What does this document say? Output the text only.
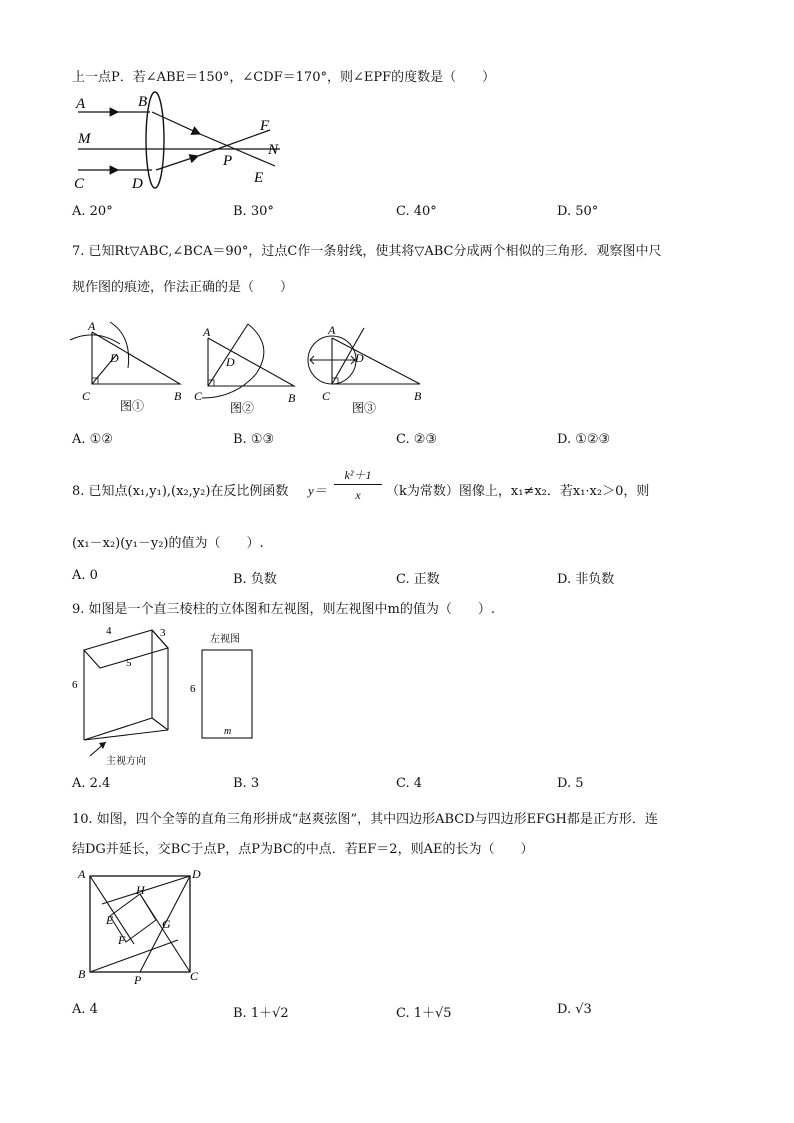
上一点P．若∠ABE＝150°，∠CDF＝170°，则∠EPF的度数是（　　）
A	B
M
C	D
F
N
P
E
A. 20°	B. 30°	C. 40°	D. 50°
7. 已知Rt▽ABC,∠BCA＝90°，过点C作一条射线，使其将▽ABC分成两个相似的三角形．观察图中尺
规作图的痕迹，作法正确的是（　　）
A
D
C	B
A
D
C	B
A
D
C	B
图①	图②	图③
A. ①②	B. ①③	C. ②③	D. ①②③
8. 已知点(x₁,y₁),(x₂,y₂)在反比例函数 y＝
k²＋1
x	（k为常数）图像上，x₁≠x₂．若x₁·x₂＞0，则
(x₁－x₂)(y₁－y₂)的值为（　　）.
A. 0	B. 负数	C. 正数	D. 非负数
9. 如图是一个直三棱柱的立体图和左视图，则左视图中m的值为（　　）.
4	3
5
6
主视方向
左视图
6
m
A. 2.4	B. 3	C. 4	D. 5
10. 如图，四个全等的直角三角形拼成“赵爽弦图”，其中四边形ABCD与四边形EFGH都是正方形．连
结DG并延长，交BC于点P，点P为BC的中点．若EF＝2，则AE的长为（　　）
A	D
H
E	G
F
B	P	C
A. 4	B. 1＋√2	C. 1＋√5	D. √3
